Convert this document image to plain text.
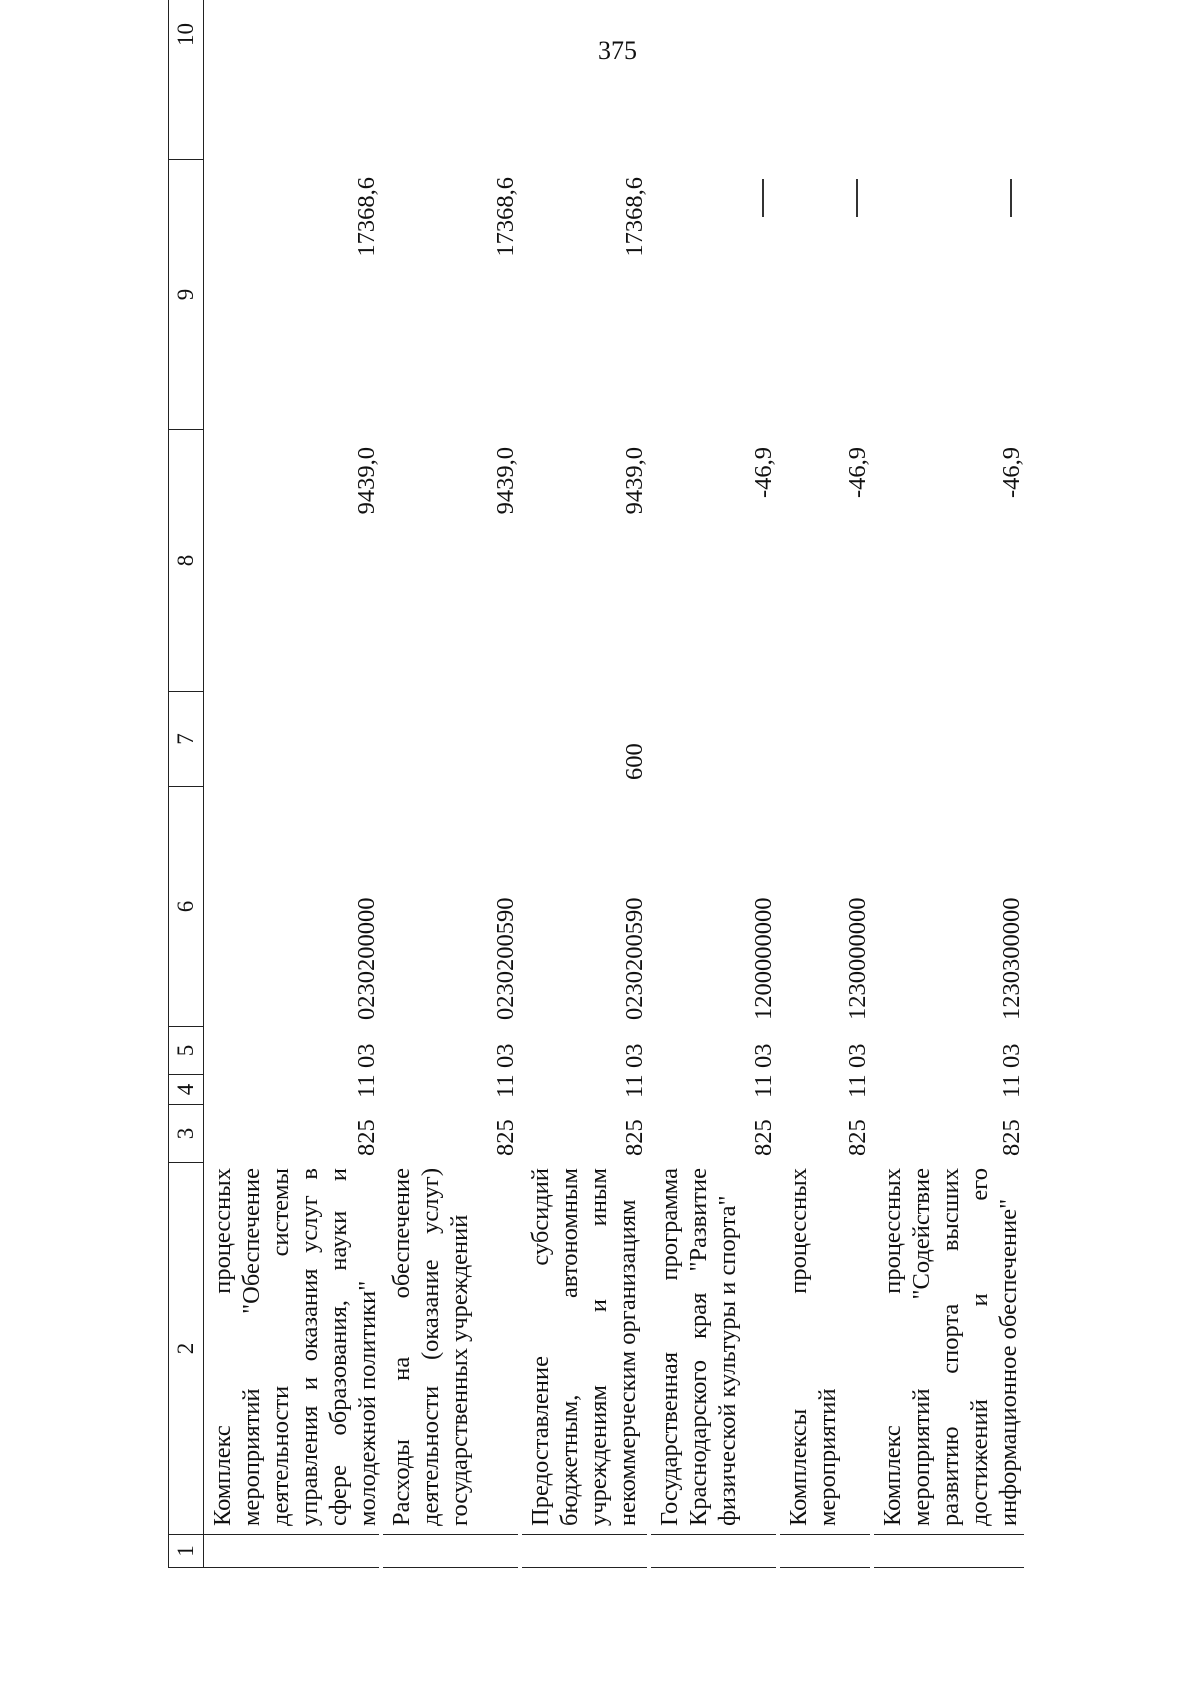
375
1
2
3
4
5
6
7
8
9
10
Комплекс процессных мероприятий "Обеспечение деятельности системы управления и оказания услуг в сфере образования, науки и молодежной политики"
825
11
03
0230200000
9439,0
17368,6
Расходы на обеспечение деятельности (оказание услуг) государственных учреждений
825
11
03
0230200590
9439,0
17368,6
Предоставление субсидий бюджетным, автономным учреждениям и иным некоммерческим организациям
825
11
03
0230200590
600
9439,0
17368,6
Государственная программа Краснодарского края "Развитие физической культуры и спорта"
825
11
03
1200000000
-46,9
Комплексы процессных мероприятий
825
11
03
1230000000
-46,9
Комплекс процессных мероприятий "Содействие развитию спорта высших достижений и его информационное обеспечение"
825
11
03
1230300000
-46,9
